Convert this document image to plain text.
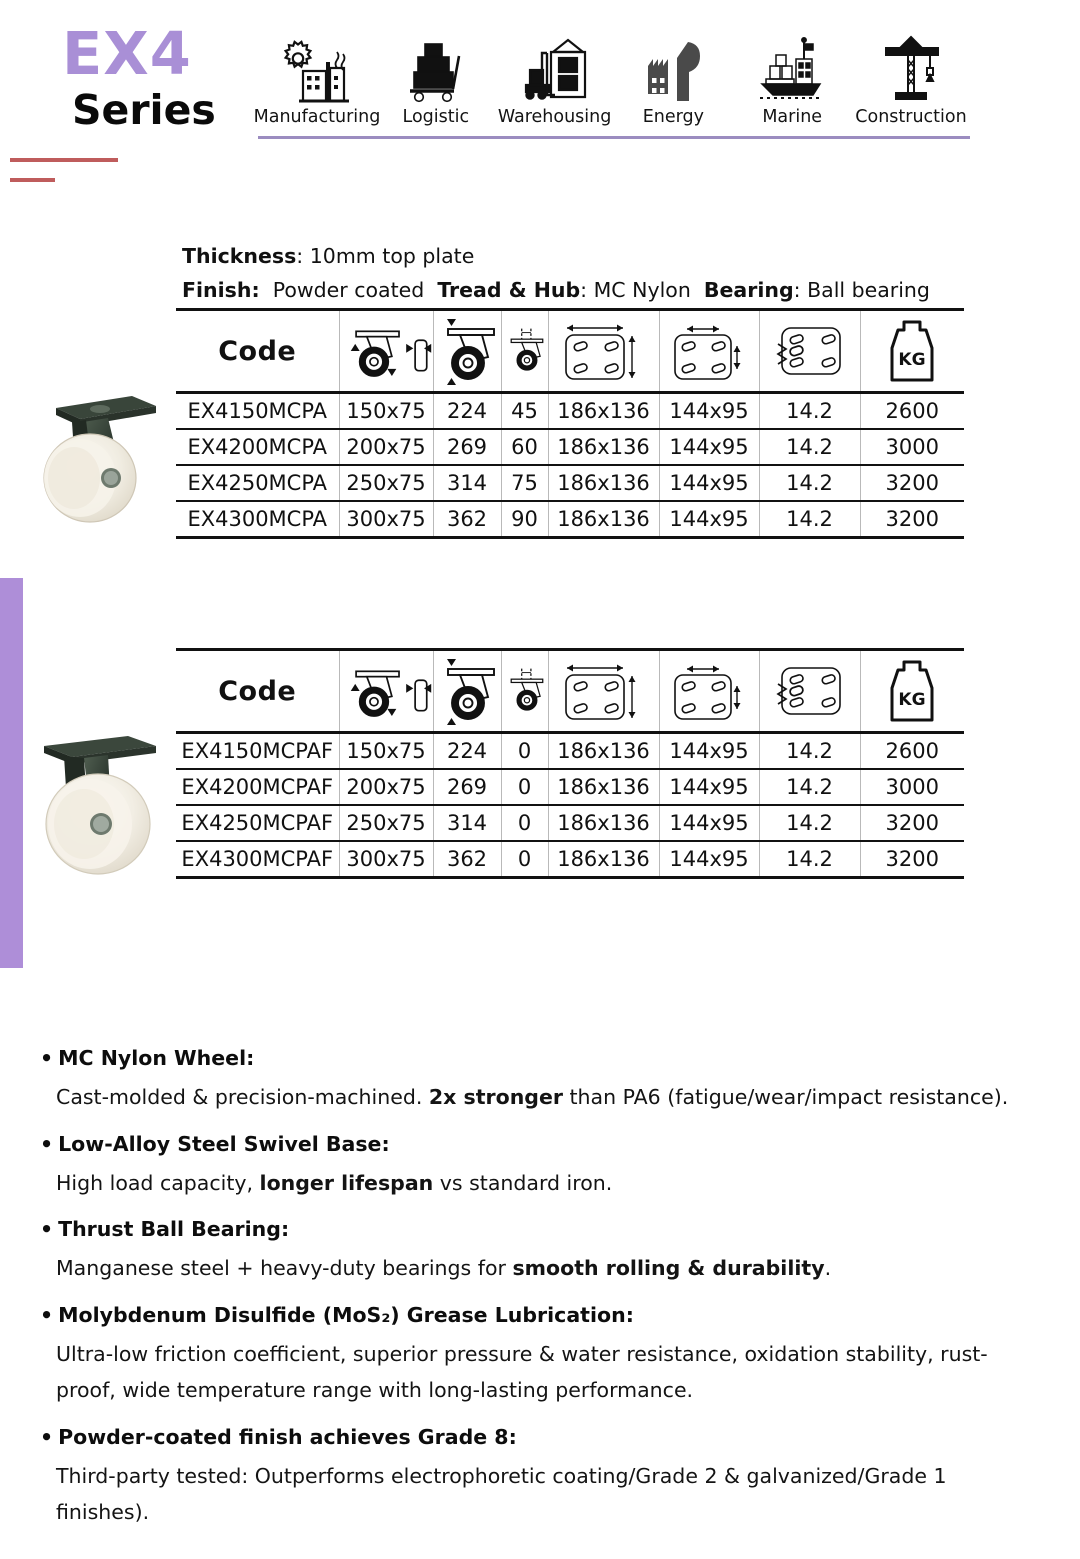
EX4
Series	Manufacturing Logistic Warehousing Energy	Marine Construction
Thickness: 10mm top plate
Finish: Powder coated Tread & Hub: MC Nylon Bearing: Ball bearing
Code							KG

EX4150MCPA	150x75	224	45	186x136	144x95	14.2	2600
EX4200MCPA	200x75	269	60	186x136	144x95	14.2	3000
EX4250MCPA	250x75	314	75	186x136	144x95	14.2	3200
EX4300MCPA	300x75	362	90	186x136	144x95	14.2	3200
Code							KG

EX4150MCPAF	150x75	224	0	186x136	144x95	14.2	2600
EX4200MCPAF	200x75	269	0	186x136	144x95	14.2	3000
EX4250MCPAF	250x75	314	0	186x136	144x95	14.2	3200
EX4300MCPAF	300x75	362	0	186x136	144x95	14.2	3200
• MC Nylon Wheel:
Cast-molded & precision-machined. 2x stronger than PA6 (fatigue/wear/impact resistance).
• Low-Alloy Steel Swivel Base:
High load capacity, longer lifespan vs standard iron.
• Thrust Ball Bearing:
Manganese steel + heavy-duty bearings for smooth rolling & durability.
• Molybdenum Disulfide (MoS₂) Grease Lubrication:
Ultra-low friction coefficient, superior pressure & water resistance, oxidation stability, rust-proof, wide temperature range with long-lasting performance.
• Powder-coated finish achieves Grade 8:
Third-party tested: Outperforms electrophoretic coating/Grade 2 & galvanized/Grade 1 finishes).
